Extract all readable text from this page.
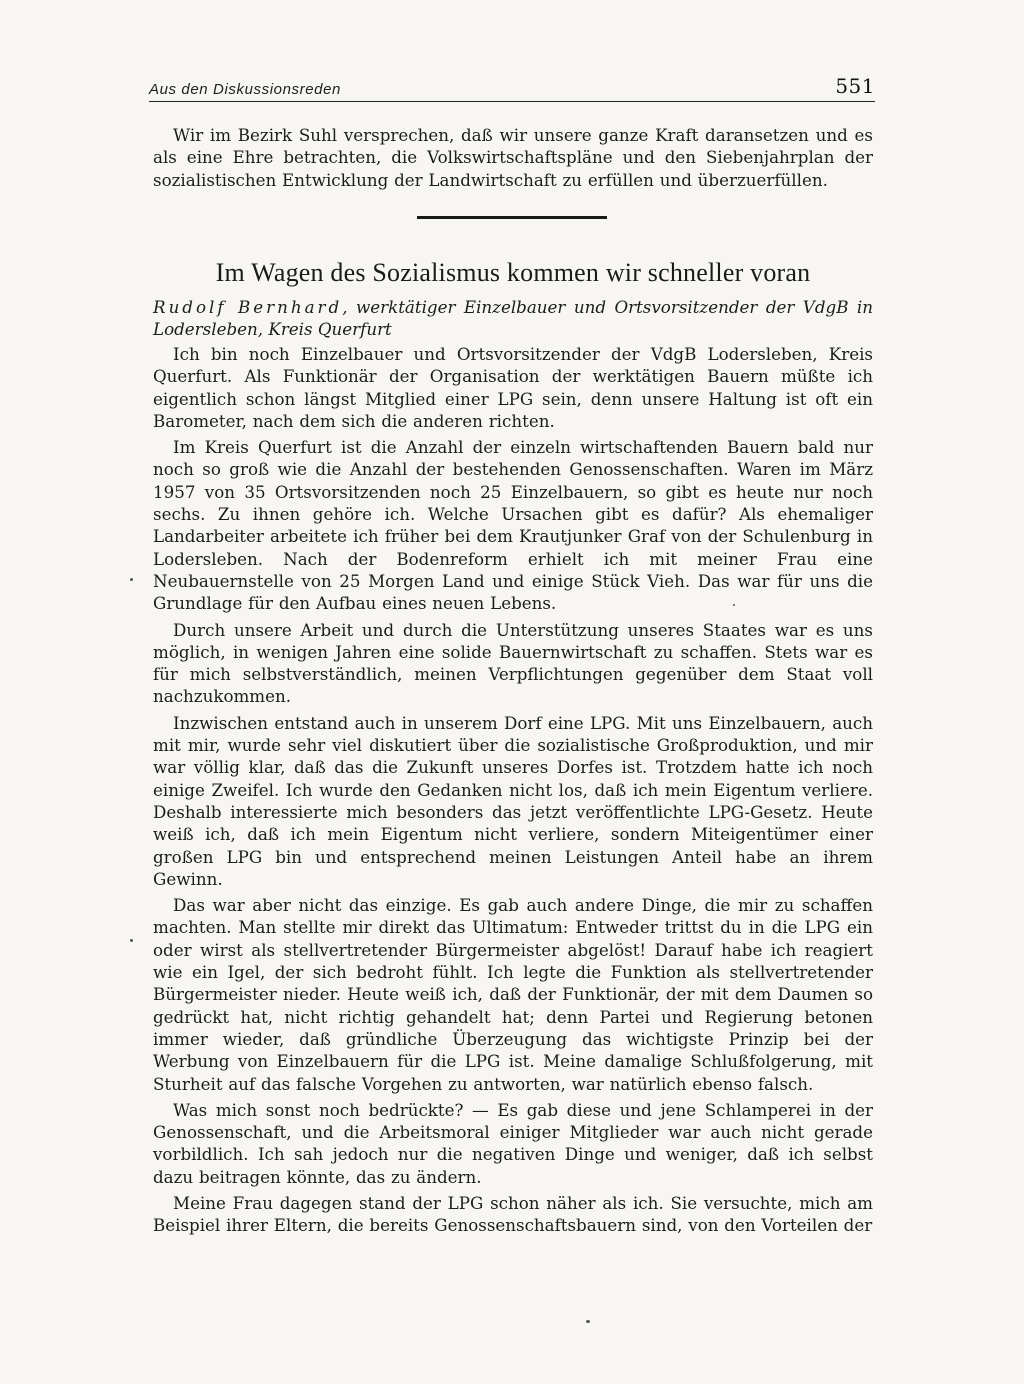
Aus den Diskussionsreden	551

Wir im Bezirk Suhl versprechen, daß wir unsere ganze Kraft daransetzen und es als eine Ehre betrachten, die Volkswirtschaftspläne und den Siebenjahrplan der sozialistischen Entwicklung der Landwirtschaft zu erfüllen und überzuerfüllen.

Im Wagen des Sozialismus kommen wir schneller voran
Rudolf Bernhard, werktätiger Einzelbauer und Ortsvorsitzender der VdgB in Lodersleben, Kreis Querfurt

Ich bin noch Einzelbauer und Ortsvorsitzender der VdgB Lodersleben, Kreis Querfurt. Als Funktionär der Organisation der werktätigen Bauern müßte ich eigentlich schon längst Mitglied einer LPG sein, denn unsere Haltung ist oft ein Barometer, nach dem sich die anderen richten.

Im Kreis Querfurt ist die Anzahl der einzeln wirtschaftenden Bauern bald nur noch so groß wie die Anzahl der bestehenden Genossenschaften. Waren im März 1957 von 35 Ortsvorsitzenden noch 25 Einzelbauern, so gibt es heute nur noch sechs. Zu ihnen gehöre ich. Welche Ursachen gibt es dafür? Als ehemaliger Landarbeiter arbeitete ich früher bei dem Krautjunker Graf von der Schulenburg in Lodersleben. Nach der Bodenreform erhielt ich mit meiner Frau eine Neubauernstelle von 25 Morgen Land und einige Stück Vieh. Das war für uns die Grundlage für den Aufbau eines neuen Lebens.

Durch unsere Arbeit und durch die Unterstützung unseres Staates war es uns möglich, in wenigen Jahren eine solide Bauernwirtschaft zu schaffen. Stets war es für mich selbstverständlich, meinen Verpflichtungen gegenüber dem Staat voll nachzukommen.

Inzwischen entstand auch in unserem Dorf eine LPG. Mit uns Einzelbauern, auch mit mir, wurde sehr viel diskutiert über die sozialistische Großproduktion, und mir war völlig klar, daß das die Zukunft unseres Dorfes ist. Trotzdem hatte ich noch einige Zweifel. Ich wurde den Gedanken nicht los, daß ich mein Eigentum verliere. Deshalb interessierte mich besonders das jetzt veröffentlichte LPG-Gesetz. Heute weiß ich, daß ich mein Eigentum nicht verliere, sondern Miteigentümer einer großen LPG bin und entsprechend meinen Leistungen Anteil habe an ihrem Gewinn.

Das war aber nicht das einzige. Es gab auch andere Dinge, die mir zu schaffen machten. Man stellte mir direkt das Ultimatum: Entweder trittst du in die LPG ein oder wirst als stellvertretender Bürgermeister abgelöst! Darauf habe ich reagiert wie ein Igel, der sich bedroht fühlt. Ich legte die Funktion als stellvertretender Bürgermeister nieder. Heute weiß ich, daß der Funktionär, der mit dem Daumen so gedrückt hat, nicht richtig gehandelt hat; denn Partei und Regierung betonen immer wieder, daß gründliche Überzeugung das wichtigste Prinzip bei der Werbung von Einzelbauern für die LPG ist. Meine damalige Schlußfolgerung, mit Sturheit auf das falsche Vorgehen zu antworten, war natürlich ebenso falsch.

Was mich sonst noch bedrückte? — Es gab diese und jene Schlamperei in der Genossenschaft, und die Arbeitsmoral einiger Mitglieder war auch nicht gerade vorbildlich. Ich sah jedoch nur die negativen Dinge und weniger, daß ich selbst dazu beitragen könnte, das zu ändern.

Meine Frau dagegen stand der LPG schon näher als ich. Sie versuchte, mich am Beispiel ihrer Eltern, die bereits Genossenschaftsbauern sind, von den Vorteilen der
